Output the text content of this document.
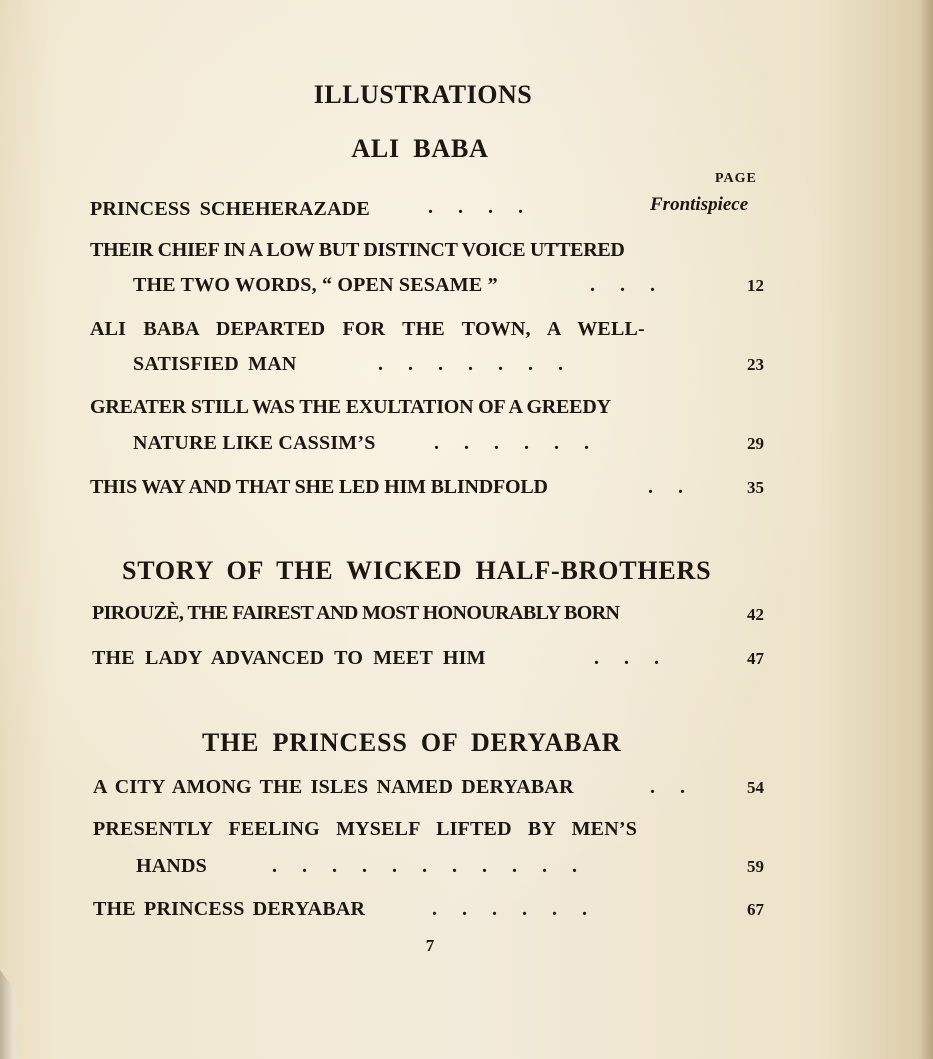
ILLUSTRATIONS
ALI BABA
PAGE
PRINCESS SCHEHERAZADE	.     .     .     .	Frontispiece
THEIR CHIEF IN A LOW BUT DISTINCT VOICE UTTERED
THE TWO WORDS, “ OPEN SESAME ”	.     .     .	12
ALI BABA DEPARTED FOR THE TOWN, A WELL-
SATISFIED MAN	.     .     .     .     .     .     .	23
GREATER STILL WAS THE EXULTATION OF A GREEDY
NATURE LIKE CASSIM’S	.     .     .     .     .     .	29
THIS WAY AND THAT SHE LED HIM BLINDFOLD	.     .	35
STORY OF THE WICKED HALF-BROTHERS
PIROUZÈ, THE FAIREST AND MOST HONOURABLY BORN	42
THE LADY ADVANCED TO MEET HIM	.     .     .	47
THE PRINCESS OF DERYABAR
A CITY AMONG THE ISLES NAMED DERYABAR	.     .	54
PRESENTLY FEELING MYSELF LIFTED BY MEN’S
HANDS	.     .     .     .     .     .     .     .     .     .     .	59
THE PRINCESS DERYABAR	.     .     .     .     .     .	67
7
